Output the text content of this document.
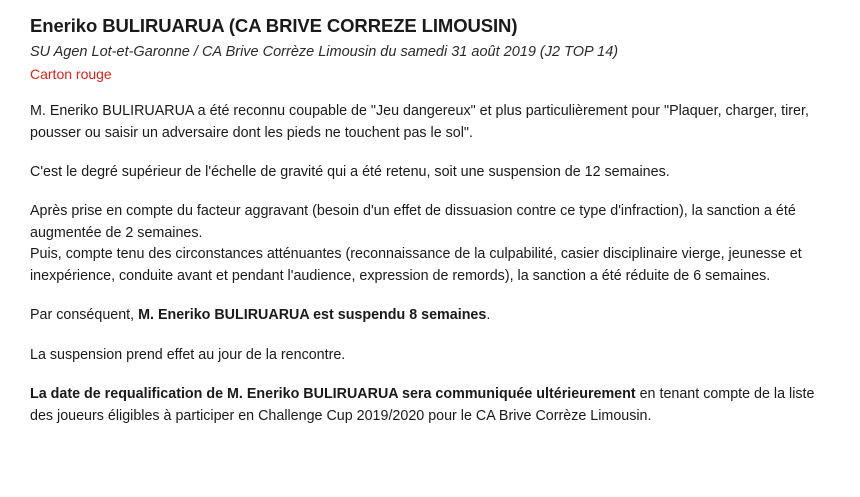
Eneriko BULIRUARUA (CA BRIVE CORREZE LIMOUSIN)
SU Agen Lot-et-Garonne / CA Brive Corrèze Limousin du samedi 31 août 2019 (J2 TOP 14)
Carton rouge

M. Eneriko BULIRUARUA a été reconnu coupable de "Jeu dangereux" et plus particulièrement pour "Plaquer, charger, tirer, pousser ou saisir un adversaire dont les pieds ne touchent pas le sol".

C'est le degré supérieur de l'échelle de gravité qui a été retenu, soit une suspension de 12 semaines.

Après prise en compte du facteur aggravant (besoin d'un effet de dissuasion contre ce type d'infraction), la sanction a été augmentée de 2 semaines.

Puis, compte tenu des circonstances atténuantes (reconnaissance de la culpabilité, casier disciplinaire vierge, jeunesse et inexpérience, conduite avant et pendant l'audience, expression de remords), la sanction a été réduite de 6 semaines.

Par conséquent, M. Eneriko BULIRUARUA est suspendu 8 semaines.

La suspension prend effet au jour de la rencontre.

La date de requalification de M. Eneriko BULIRUARUA sera communiquée ultérieurement en tenant compte de la liste des joueurs éligibles à participer en Challenge Cup 2019/2020 pour le CA Brive Corrèze Limousin.
